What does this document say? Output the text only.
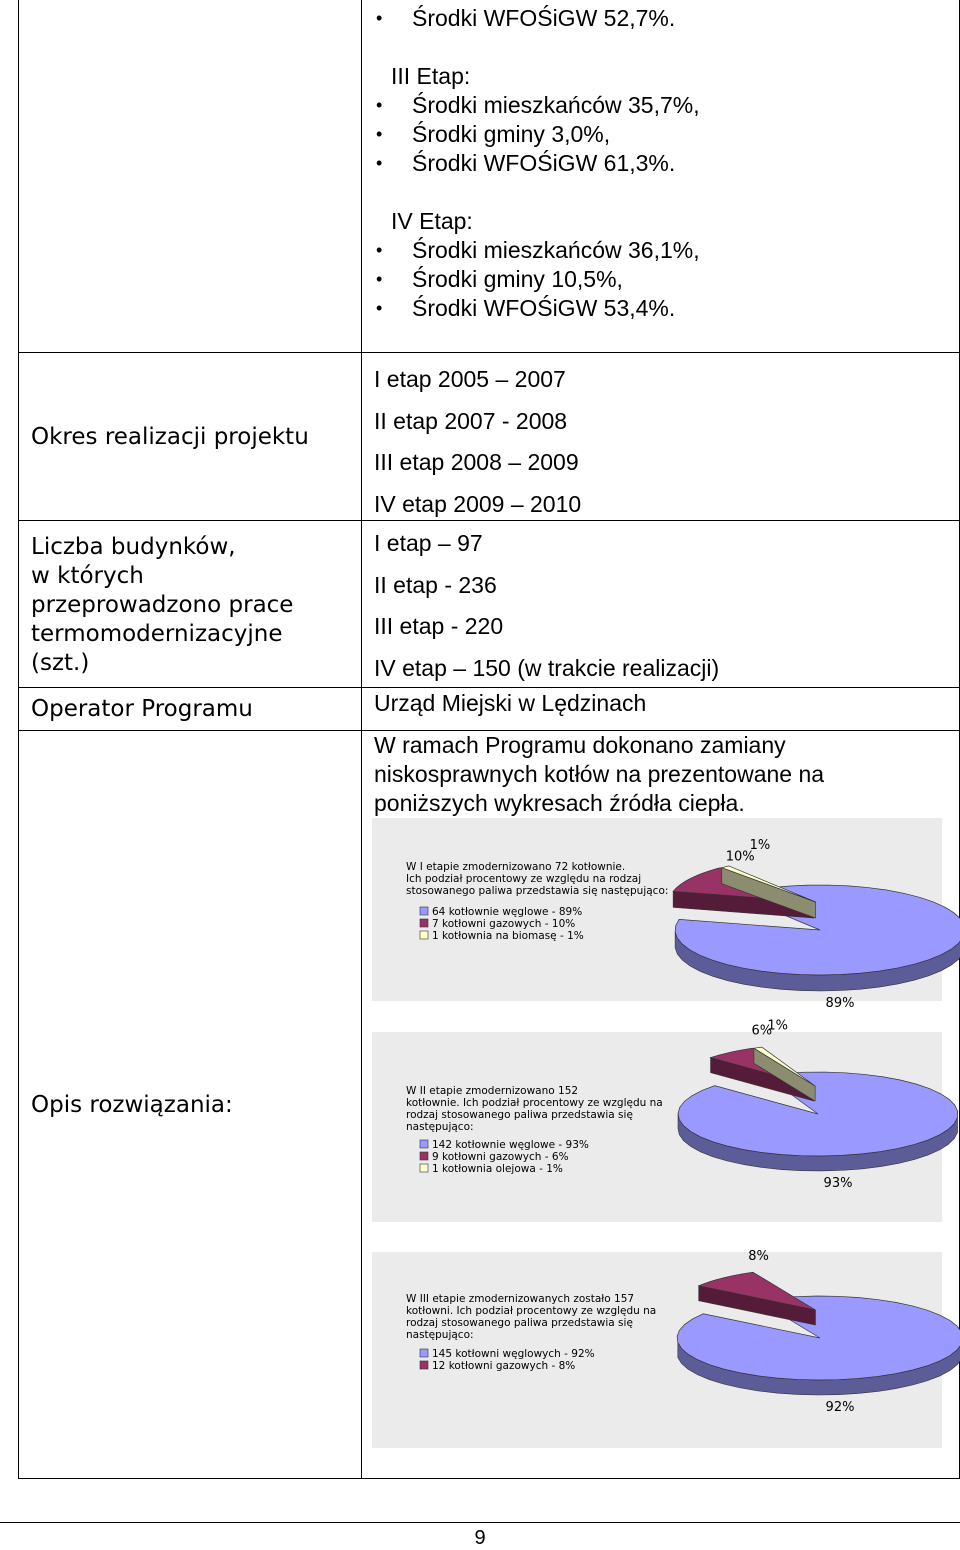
• Środki WFOŚiGW 52,7%.
III Etap:
• Środki mieszkańców 35,7%,
• Środki gminy 3,0%,
• Środki WFOŚiGW 61,3%.
IV Etap:
• Środki mieszkańców 36,1%,
• Środki gminy 10,5%,
• Środki WFOŚiGW 53,4%.
Okres realizacji projektu
I etap 2005 – 2007
II etap 2007 - 2008
III etap 2008 – 2009
IV etap 2009 – 2010
Liczba budynków,
w których
przeprowadzono prace
termomodernizacyjne
(szt.)
I etap – 97
II etap - 236
III etap - 220
IV etap – 150 (w trakcie realizacji)
Operator Programu	Urząd Miejski w Lędzinach
Opis rozwiązania:
W ramach Programu dokonano zamiany
niskosprawnych kotłów na prezentowane na
poniższych wykresach źródła ciepła.
W I etapie zmodernizowano 72 kotłownie.
Ich podział procentowy ze względu na rodzaj
stosowanego paliwa przedstawia się następująco:
64 kotłownie węglowe - 89%
7 kotłowni gazowych - 10%
1 kotłownia na biomasę - 1%
89%
10%
1%
W II etapie zmodernizowano 152
kotłownie. Ich podział procentowy ze względu na
rodzaj stosowanego paliwa przedstawia się
następująco:
142 kotłownie węglowe - 93%
9 kotłowni gazowych - 6%
1 kotłownia olejowa - 1%
93%
6%
1%
W III etapie zmodernizowanych zostało 157
kotłowni. Ich podział procentowy ze względu na
rodzaj stosowanego paliwa przedstawia się
następująco:
145 kotłowni węglowych - 92%
12 kotłowni gazowych - 8%
92%
8%
9
